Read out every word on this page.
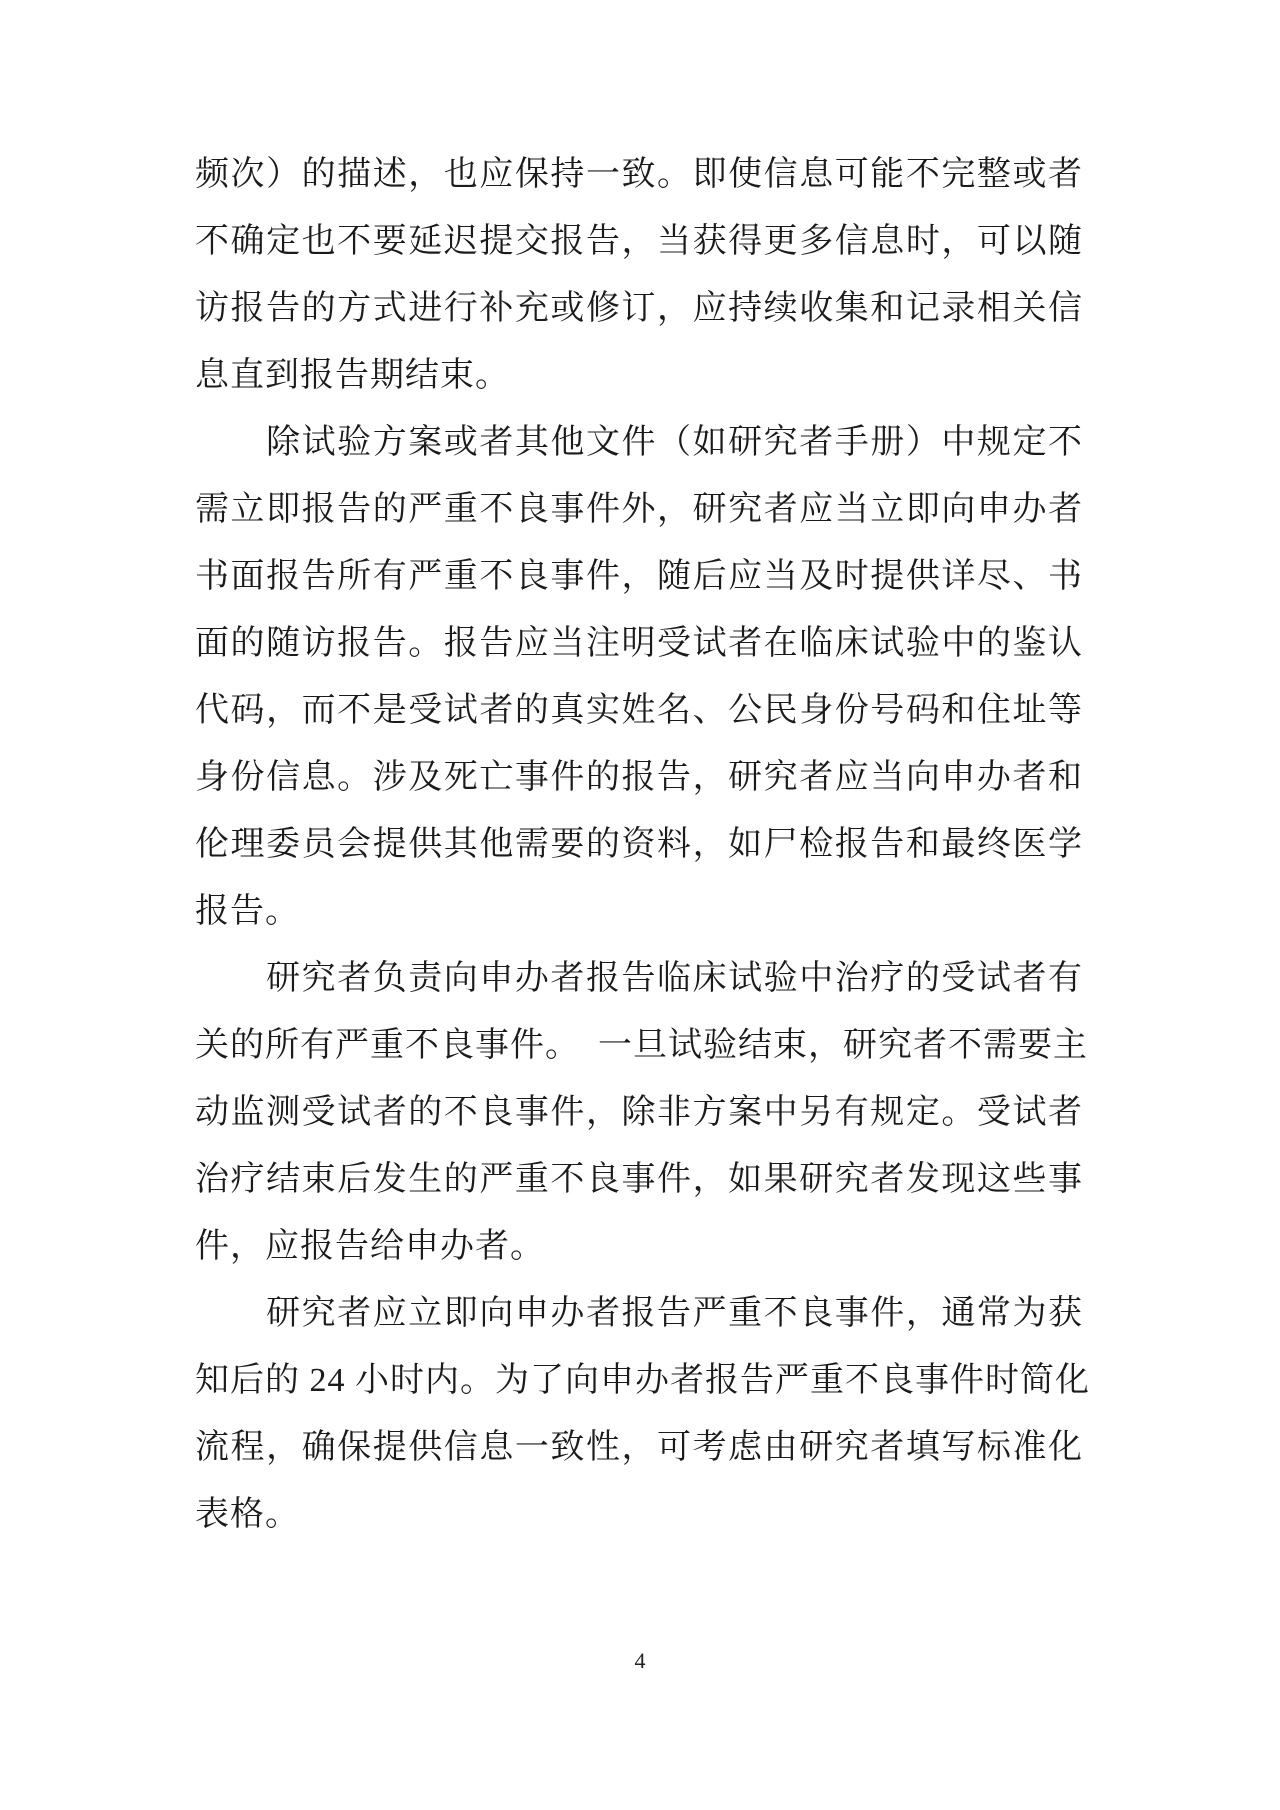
频次）的描述，也应保持一致。即使信息可能不完整或者
不确定也不要延迟提交报告，当获得更多信息时，可以随
访报告的方式进行补充或修订，应持续收集和记录相关信
息直到报告期结束。
　　除试验方案或者其他文件（如研究者手册）中规定不
需立即报告的严重不良事件外，研究者应当立即向申办者
书面报告所有严重不良事件，随后应当及时提供详尽、书
面的随访报告。报告应当注明受试者在临床试验中的鉴认
代码，而不是受试者的真实姓名、公民身份号码和住址等
身份信息。涉及死亡事件的报告，研究者应当向申办者和
伦理委员会提供其他需要的资料，如尸检报告和最终医学
报告。
　　研究者负责向申办者报告临床试验中治疗的受试者有
关的所有严重不良事件。　一旦试验结束，研究者不需要主
动监测受试者的不良事件，除非方案中另有规定。受试者
治疗结束后发生的严重不良事件，如果研究者发现这些事
件，应报告给申办者。
　　研究者应立即向申办者报告严重不良事件，通常为获
知后的 24 小时内。为了向申办者报告严重不良事件时简化
流程，确保提供信息一致性，可考虑由研究者填写标准化
表格。
4
